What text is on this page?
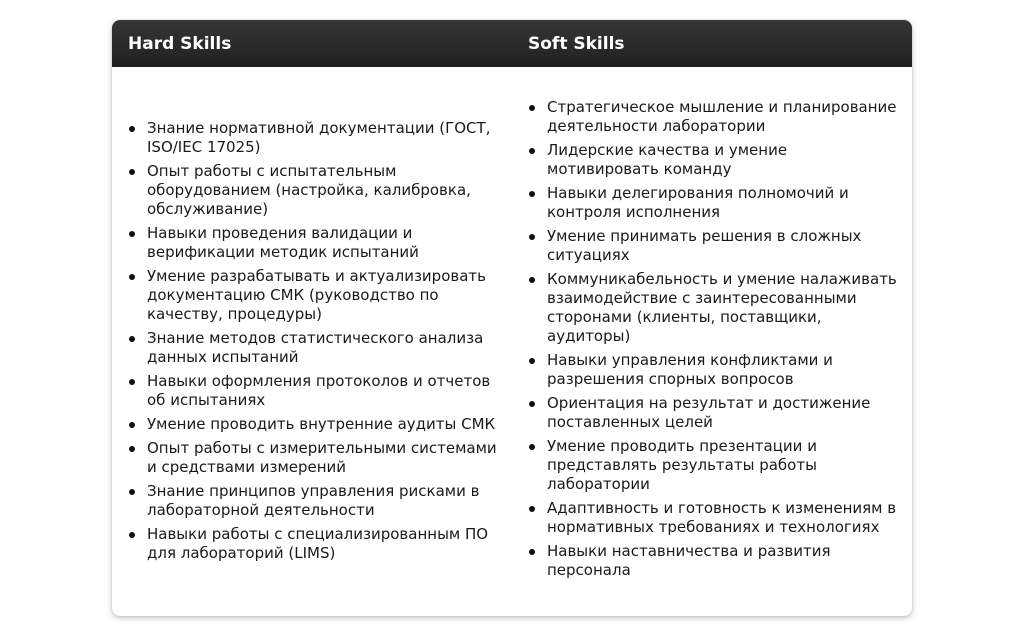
Hard Skills	Soft Skills
Знание нормативной документации (ГОСТ, ISO/IEC 17025)
Опыт работы с испытательным оборудованием (настройка, калибровка, обслуживание)
Навыки проведения валидации и верификации методик испытаний
Умение разрабатывать и актуализировать документацию СМК (руководство по качеству, процедуры)
Знание методов статистического анализа данных испытаний
Навыки оформления протоколов и отчетов об испытаниях
Умение проводить внутренние аудиты СМК
Опыт работы с измерительными системами и средствами измерений
Знание принципов управления рисками в лабораторной деятельности
Навыки работы с специализированным ПО для лабораторий (LIMS)
Стратегическое мышление и планирование деятельности лаборатории
Лидерские качества и умение мотивировать команду
Навыки делегирования полномочий и контроля исполнения
Умение принимать решения в сложных ситуациях
Коммуникабельность и умение налаживать взаимодействие с заинтересованными сторонами (клиенты, поставщики, аудиторы)
Навыки управления конфликтами и разрешения спорных вопросов
Ориентация на результат и достижение поставленных целей
Умение проводить презентации и представлять результаты работы лаборатории
Адаптивность и готовность к изменениям в нормативных требованиях и технологиях
Навыки наставничества и развития персонала
